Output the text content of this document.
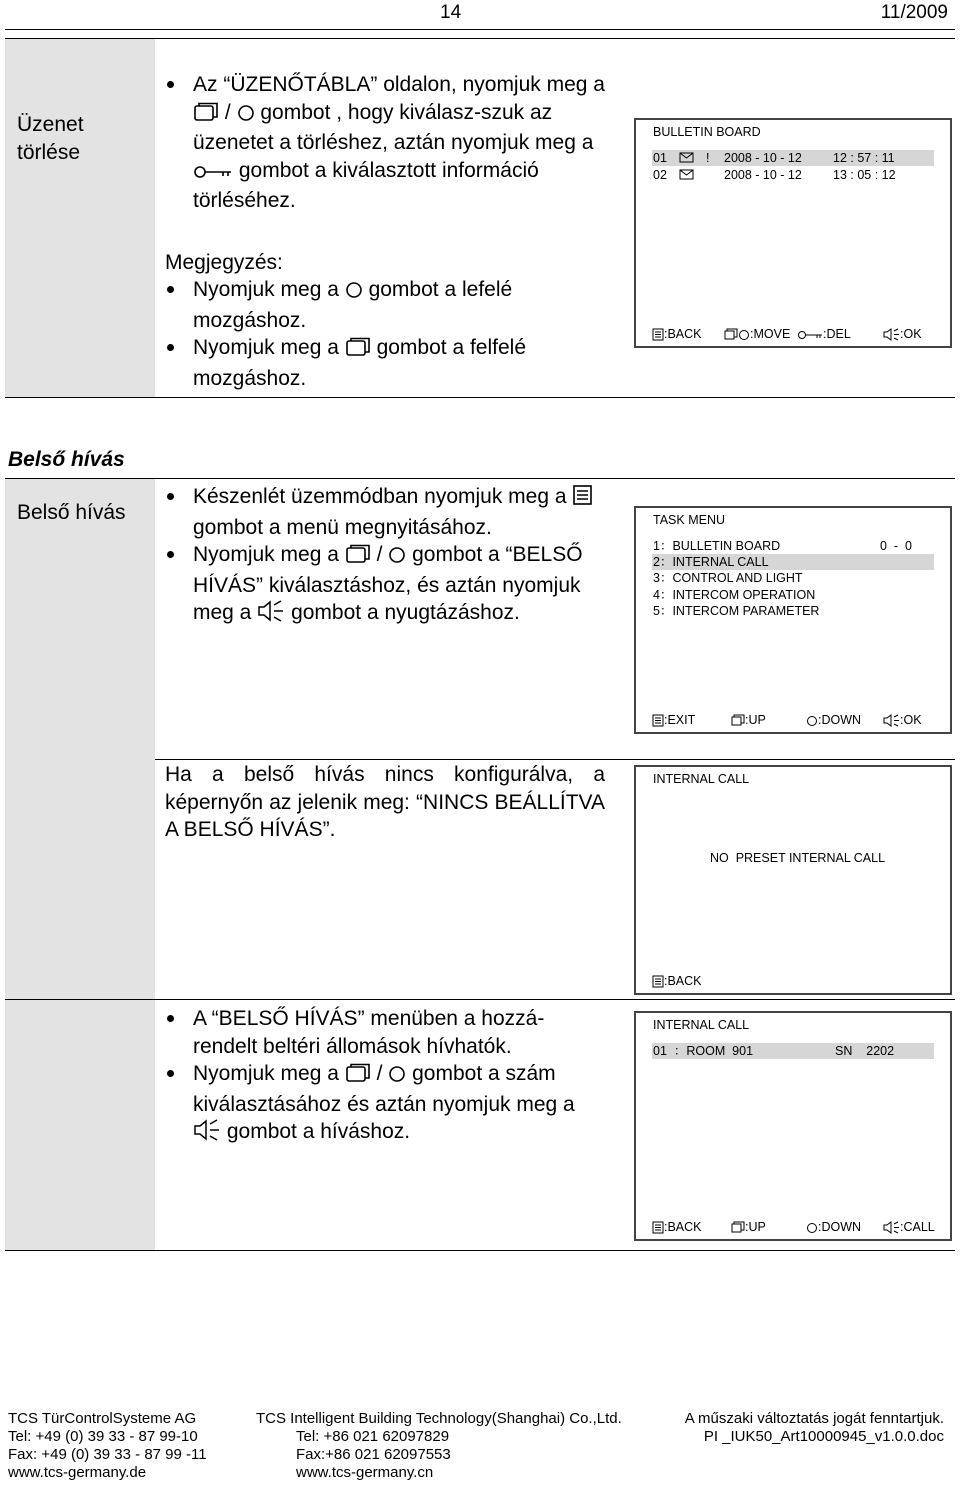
14	11/2009
Üzenet törlése
Az “ÜZENŐTÁBLA” oldalon, nyomjuk meg a  / gombot , hogy kiválasz-szuk az üzenetet a törléshez, aztán nyomjuk meg a  gombot a kiválasztott információ törléséhez.
Megjegyzés:
Nyomjuk meg a gombot a lefelé mozgáshoz.
Nyomjuk meg a gombot a felfelé mozgáshoz.
BULLETIN BOARD
01	! 2008 - 10 - 12 12 : 57 : 11
02	2008 - 10 - 12 13 : 05 : 12
:BACK	:MOVE	:DEL	:OK
Belső hívás
Belső hívás
Készenlét üzemmódban nyomjuk meg a  gombot a menü megnyitásához.
Nyomjuk meg a / gombot a “BELSŐ HÍVÁS” kiválasztáshoz, és aztán nyomjuk meg a gombot a nyugtázáshoz.
TASK MENU
1：BULLETIN BOARD	0  -  0
2：INTERNAL CALL
3：CONTROL AND LIGHT
4：INTERCOM OPERATION
5：INTERCOM PARAMETER
:EXIT	:UP	:DOWN	:OK
Ha a belső hívás nincs konfigurálva, a képernyőn az jelenik meg: “NINCS BEÁLLÍTVA A BELSŐ HÍVÁS”.
INTERNAL CALL
NO  PRESET INTERNAL CALL
:BACK
A “BELSŐ HÍVÁS” menüben a hozzá-rendelt beltéri állomások hívhatók.
Nyomjuk meg a / gombot a szám kiválasztásához és aztán nyomjuk meg a  gombot a híváshoz.
INTERNAL CALL
01  ：ROOM  901	SN    2202
:BACK	:UP	:DOWN	:CALL
TCS TürControlSysteme AG
Tel: +49 (0) 39 33 - 87 99-10
Fax: +49 (0) 39 33 - 87 99 -11
www.tcs-germany.de
TCS Intelligent Building Technology(Shanghai) Co.,Ltd.
Tel: +86 021 62097829
Fax:+86 021 62097553
www.tcs-germany.cn
A műszaki változtatás jogát fenntartjuk.
PI _IUK50_Art10000945_v1.0.0.doc
